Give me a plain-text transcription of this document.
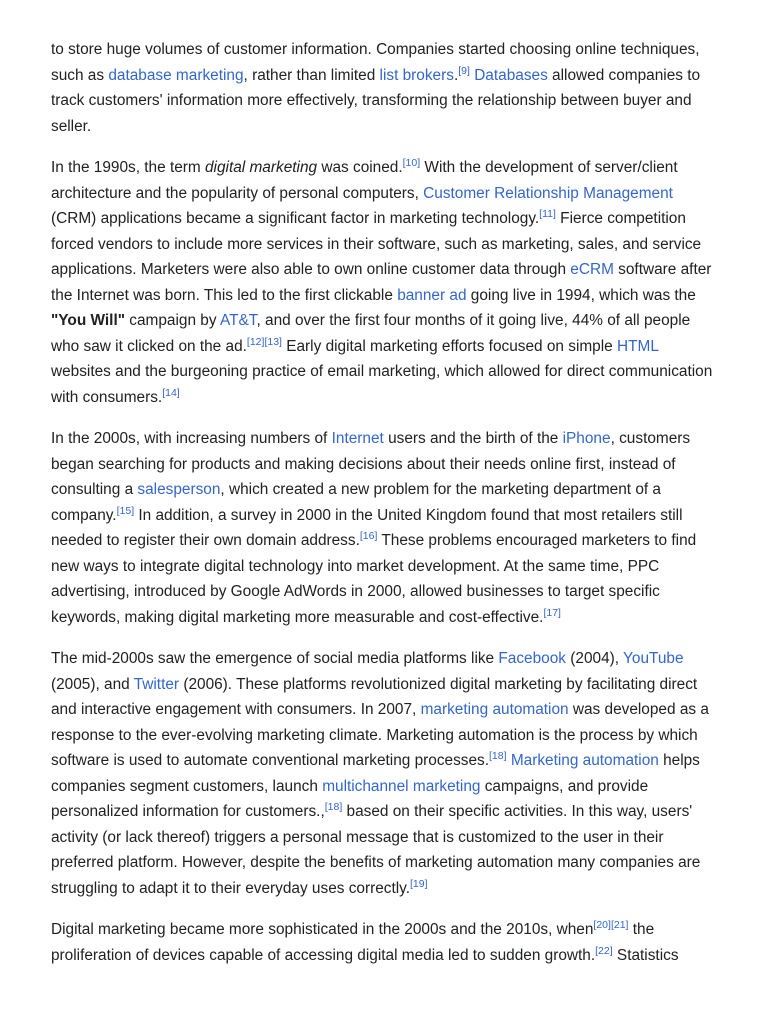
to store huge volumes of customer information. Companies started choosing online techniques, such as database marketing, rather than limited list brokers.[9] Databases allowed companies to track customers' information more effectively, transforming the relationship between buyer and seller.

In the 1990s, the term digital marketing was coined.[10] With the development of server/client architecture and the popularity of personal computers, Customer Relationship Management (CRM) applications became a significant factor in marketing technology.[11] Fierce competition forced vendors to include more services in their software, such as marketing, sales, and service applications. Marketers were also able to own online customer data through eCRM software after the Internet was born. This led to the first clickable banner ad going live in 1994, which was the "You Will" campaign by AT&T, and over the first four months of it going live, 44% of all people who saw it clicked on the ad.[12][13] Early digital marketing efforts focused on simple HTML websites and the burgeoning practice of email marketing, which allowed for direct communication with consumers.[14]

In the 2000s, with increasing numbers of Internet users and the birth of the iPhone, customers began searching for products and making decisions about their needs online first, instead of consulting a salesperson, which created a new problem for the marketing department of a company.[15] In addition, a survey in 2000 in the United Kingdom found that most retailers still needed to register their own domain address.[16] These problems encouraged marketers to find new ways to integrate digital technology into market development. At the same time, PPC advertising, introduced by Google AdWords in 2000, allowed businesses to target specific keywords, making digital marketing more measurable and cost-effective.[17]

The mid-2000s saw the emergence of social media platforms like Facebook (2004), YouTube (2005), and Twitter (2006). These platforms revolutionized digital marketing by facilitating direct and interactive engagement with consumers. In 2007, marketing automation was developed as a response to the ever-evolving marketing climate. Marketing automation is the process by which software is used to automate conventional marketing processes.[18] Marketing automation helps companies segment customers, launch multichannel marketing campaigns, and provide personalized information for customers.,[18] based on their specific activities. In this way, users' activity (or lack thereof) triggers a personal message that is customized to the user in their preferred platform. However, despite the benefits of marketing automation many companies are struggling to adapt it to their everyday uses correctly.[19]

Digital marketing became more sophisticated in the 2000s and the 2010s, when[20][21] the proliferation of devices capable of accessing digital media led to sudden growth.[22] Statistics
